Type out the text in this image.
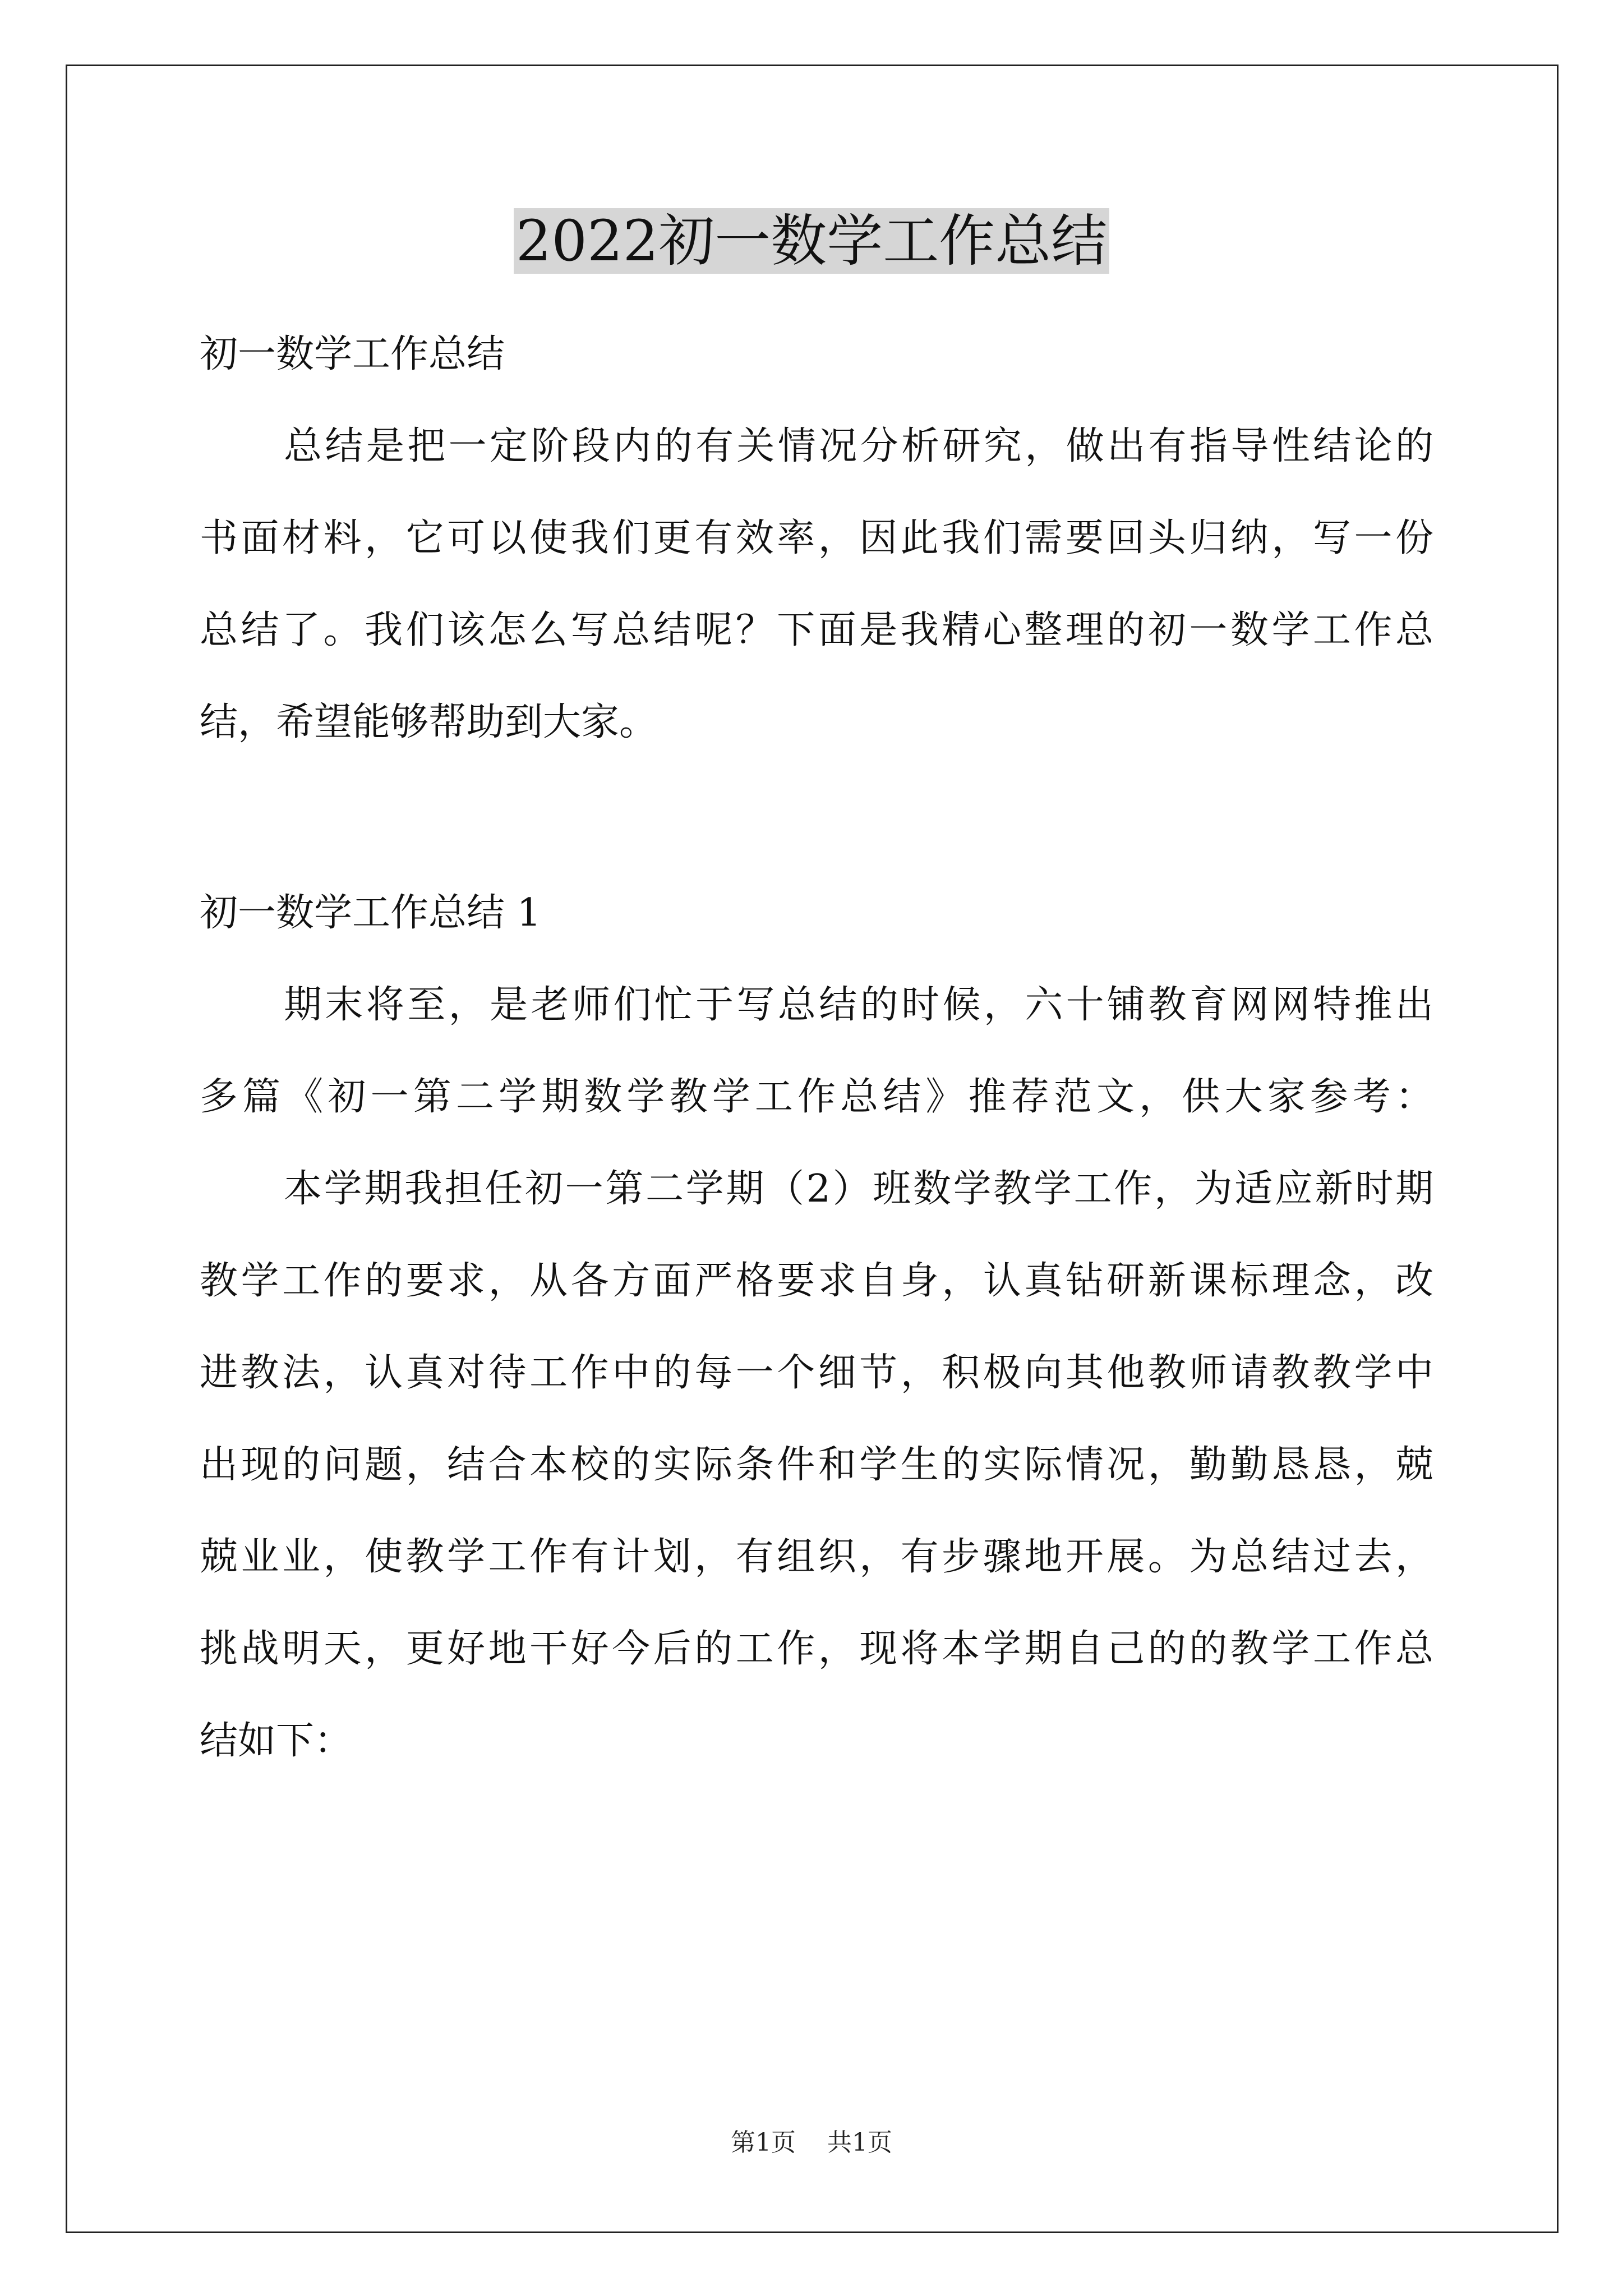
2022初一数学工作总结

初一数学工作总结

总结是把一定阶段内的有关情况分析研究，做出有指导性结论的

书面材料，它可以使我们更有效率，因此我们需要回头归纳，写一份

总结了。我们该怎么写总结呢？下面是我精心整理的初一数学工作总

结，希望能够帮助到大家。

初一数学工作总结 1

期末将至，是老师们忙于写总结的时候，六十铺教育网网特推出

多篇《初一第二学期数学教学工作总结》推荐范文，供大家参考：

本学期我担任初一第二学期（2）班数学教学工作，为适应新时期

教学工作的要求，从各方面严格要求自身，认真钻研新课标理念，改

进教法，认真对待工作中的每一个细节，积极向其他教师请教教学中

出现的问题，结合本校的实际条件和学生的实际情况，勤勤恳恳，兢

兢业业，使教学工作有计划，有组织，有步骤地开展。为总结过去，

挑战明天，更好地干好今后的工作，现将本学期自己的的教学工作总

结如下：

第1页 共1页
